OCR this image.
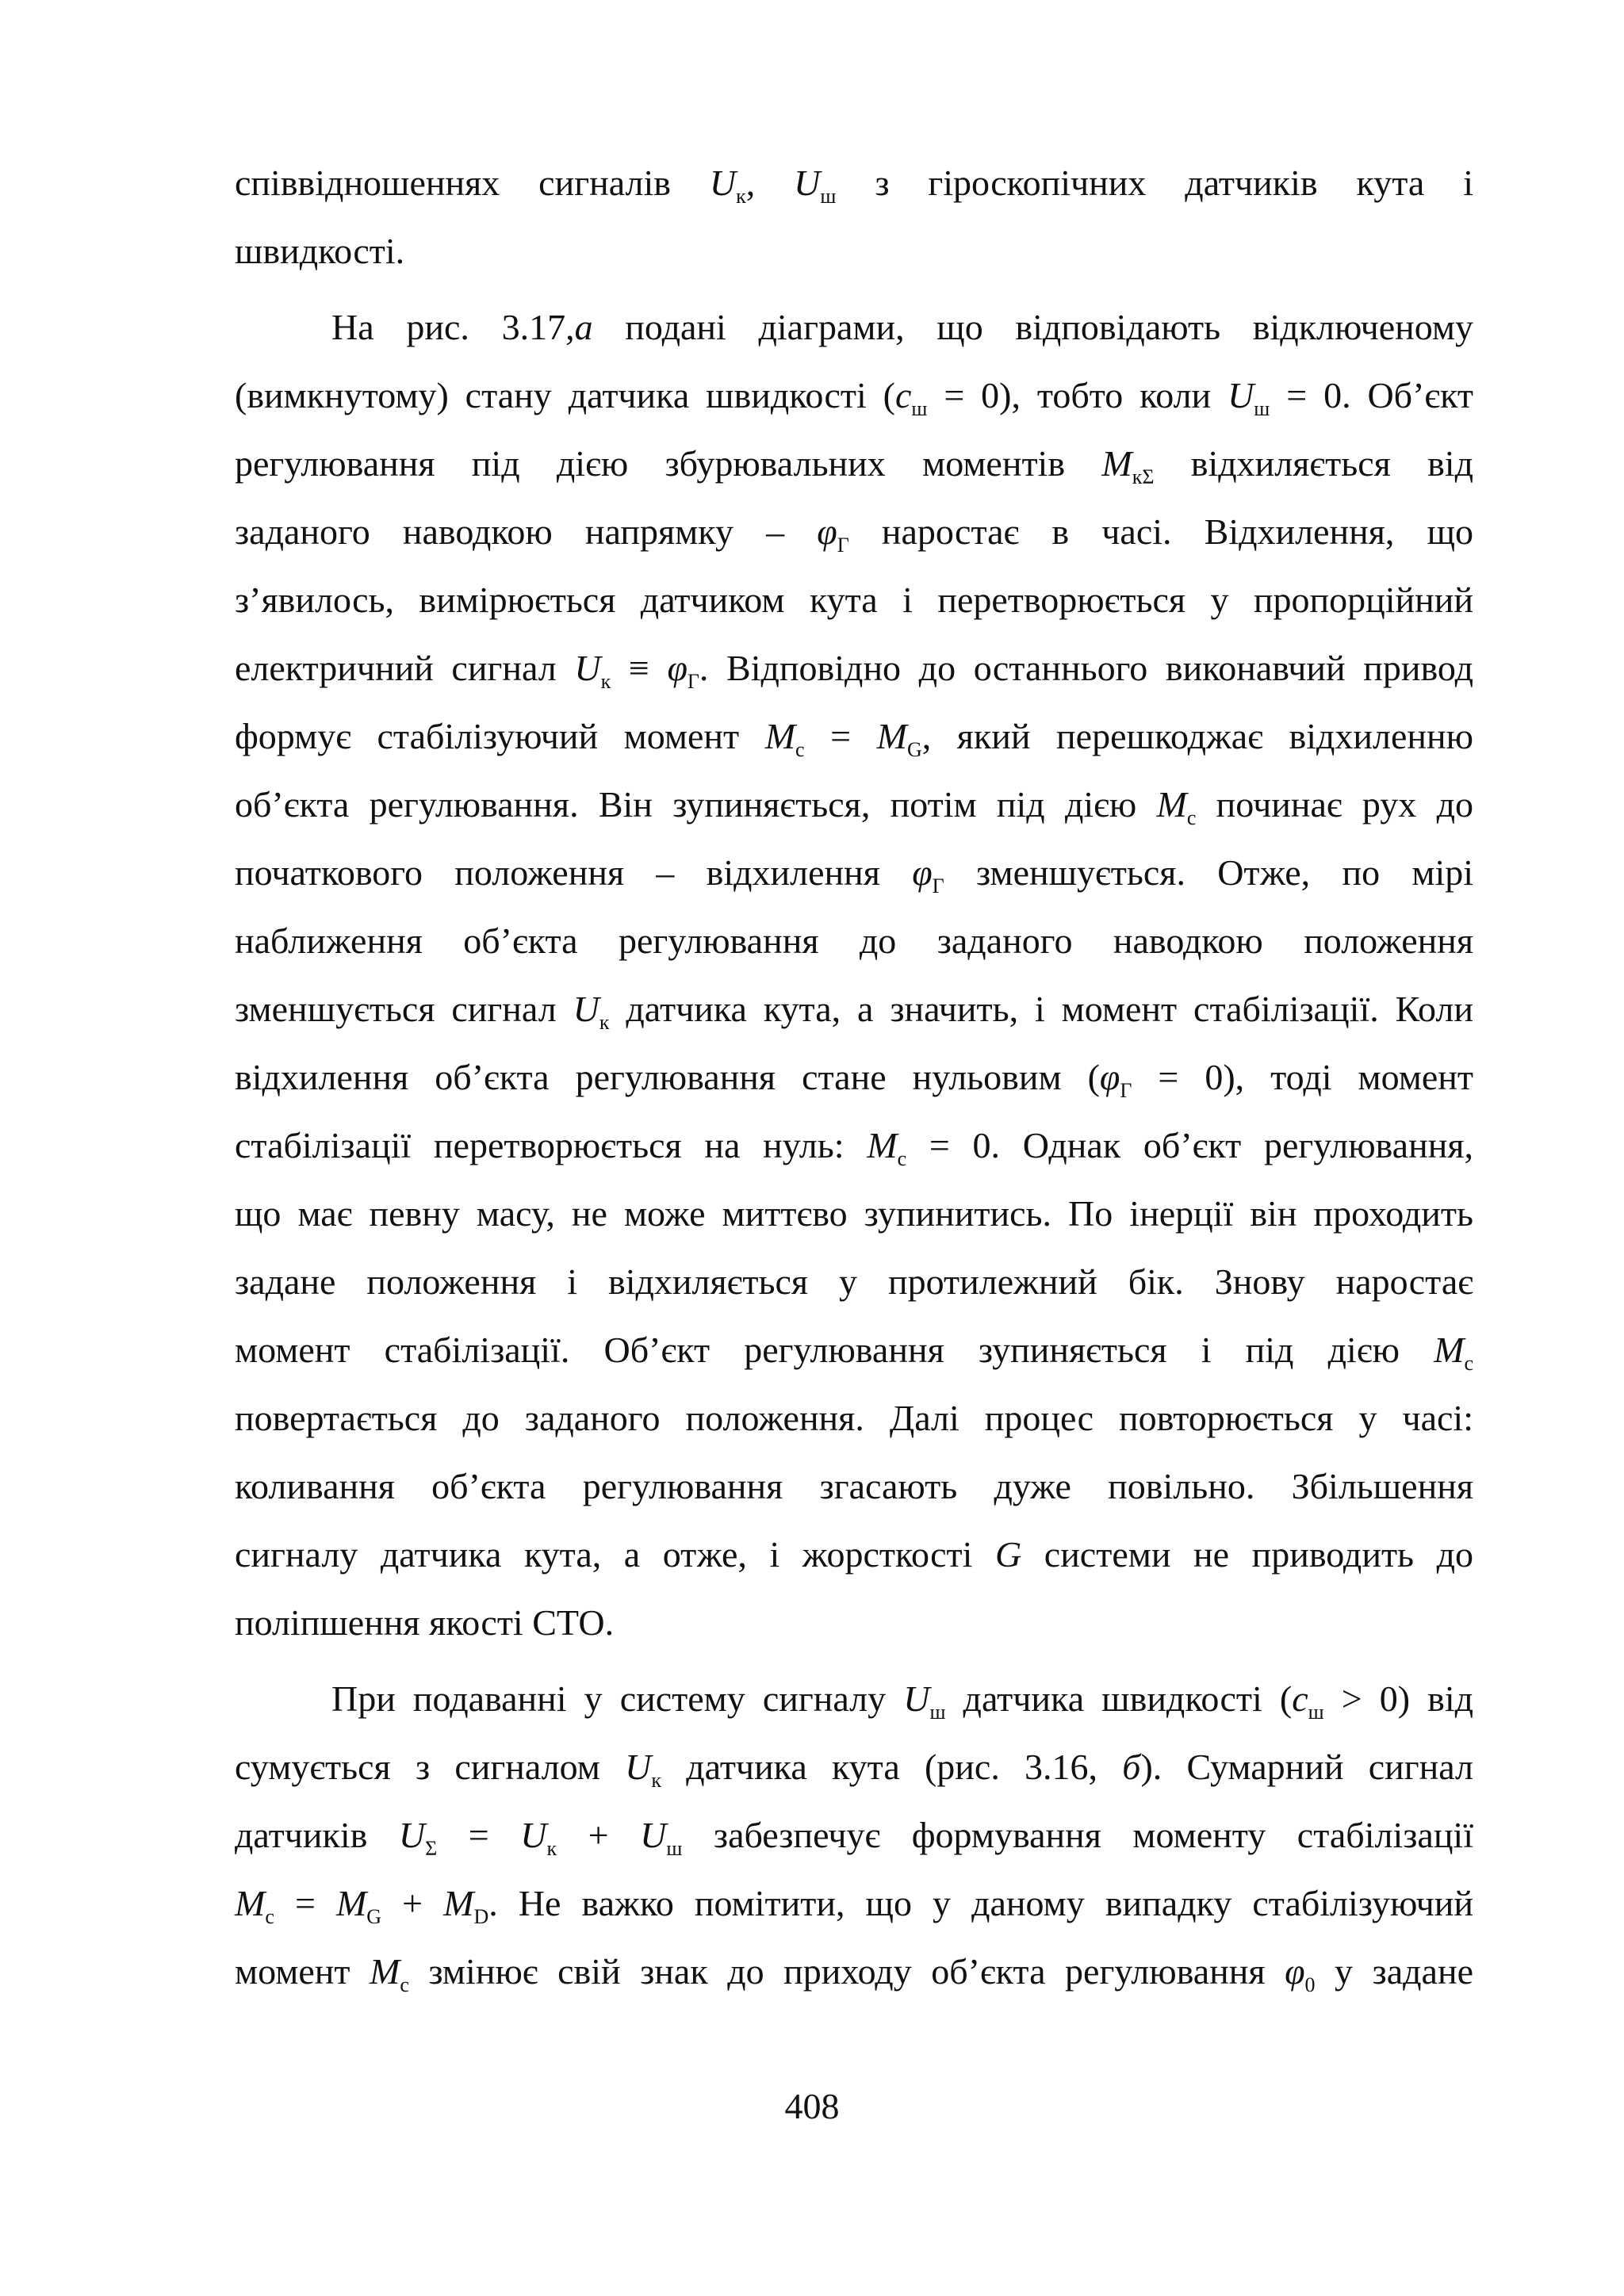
співвідношеннях сигналів $U_к$, $U_ш$ з гіроскопічних датчиків кута і
швидкості.
На рис. 3.17,а подані діаграми, що відповідають відключеному
(вимкнутому) стану датчика швидкості $(c_ш = 0)$, тобто коли $U_ш = 0$. Об’єкт
регулювання під дією збурювальних моментів $M_{к\Sigma}$ відхиляється від
заданого наводкою напрямку – $\varphi_Г$ наростає в часі. Відхилення, що
з’явилось, вимірюється датчиком кута і перетворюється у пропорційний
електричний сигнал $U_к \equiv \varphi_Г$. Відповідно до останнього виконавчий привод
формує стабілізуючий момент $M_с = M_G$, який перешкоджає відхиленню
об’єкта регулювання. Він зупиняється, потім під дією $M_с$ починає рух до
початкового положення – відхилення $\varphi_Г$ зменшується. Отже, по мірі
наближення об’єкта регулювання до заданого наводкою положення
зменшується сигнал $U_к$ датчика кута, а значить, і момент стабілізації. Коли
відхилення об’єкта регулювання стане нульовим $(\varphi_Г = 0)$, тоді момент
стабілізації перетворюється на нуль: $M_с = 0$. Однак об’єкт регулювання,
що має певну масу, не може миттєво зупинитись. По інерції він проходить
задане положення і відхиляється у протилежний бік. Знову наростає
момент стабілізації. Об’єкт регулювання зупиняється і під дією $M_с$
повертається до заданого положення. Далі процес повторюється у часі:
коливання об’єкта регулювання згасають дуже повільно. Збільшення
сигналу датчика кута, а отже, і жорсткості G системи не приводить до
поліпшення якості СТО.
При подаванні у систему сигналу $U_ш$ датчика швидкості $(c_ш > 0)$ від
сумується з сигналом $U_к$ датчика кута (рис. 3.16, б). Сумарний сигнал
датчиків $U_\Sigma = U_к + U_ш$ забезпечує формування моменту стабілізації
$M_с = M_G + M_D$. Не важко помітити, що у даному випадку стабілізуючий
момент $M_с$ змінює свій знак до приходу об’єкта регулювання $\varphi_0$ у задане
408
